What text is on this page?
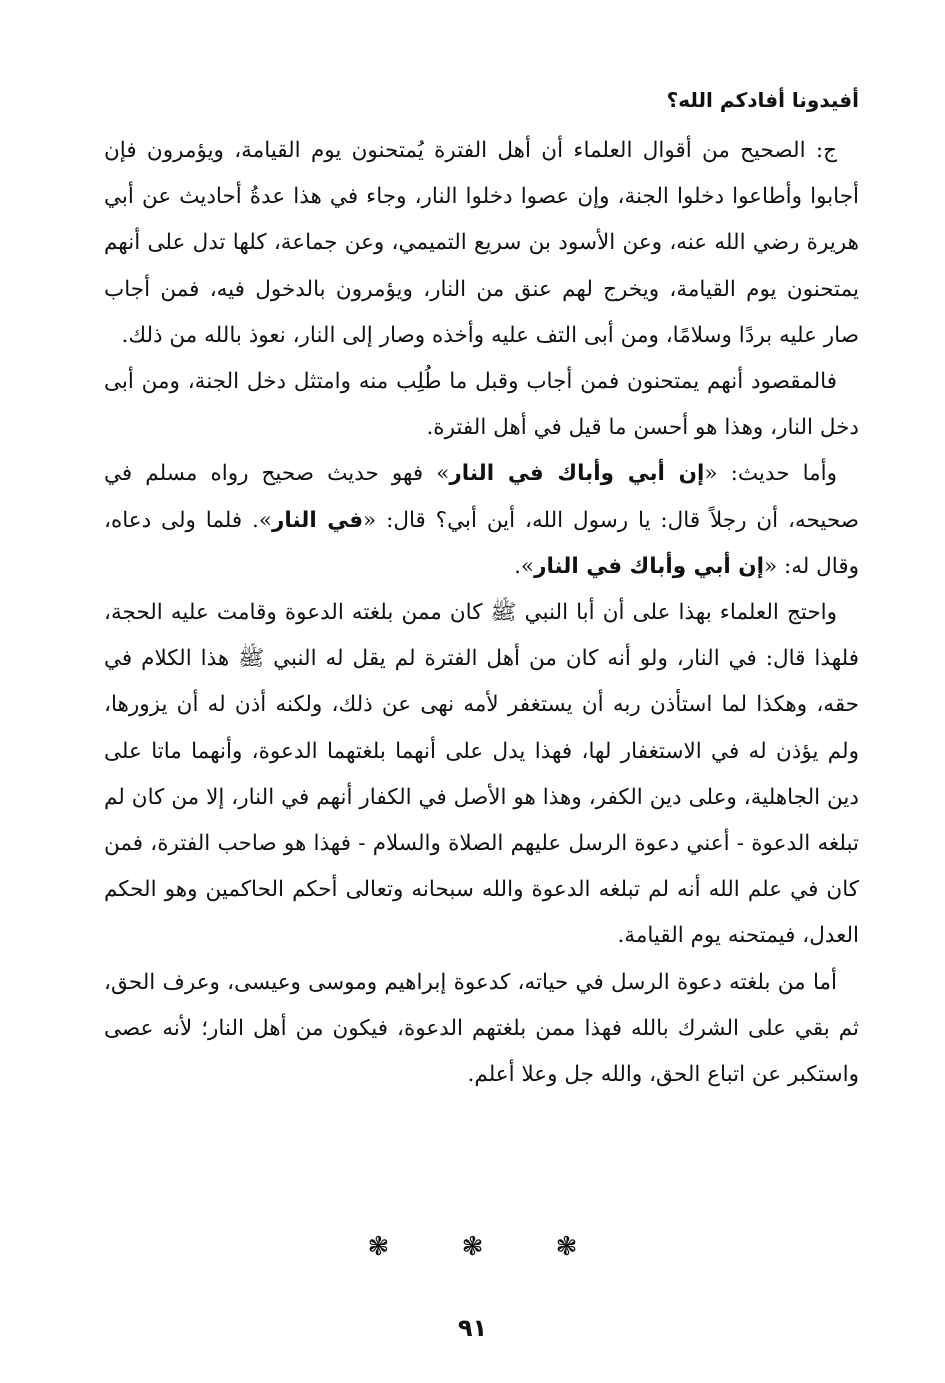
أفيدونا أفادكم الله؟

ج: الصحيح من أقوال العلماء أن أهل الفترة يُمتحنون يوم القيامة، ويؤمرون فإن أجابوا وأطاعوا دخلوا الجنة، وإن عصوا دخلوا النار، وجاء في هذا عدةُ أحاديث عن أبي هريرة رضي الله عنه، وعن الأسود بن سريع التميمي، وعن جماعة، كلها تدل على أنهم يمتحنون يوم القيامة، ويخرج لهم عنق من النار، ويؤمرون بالدخول فيه، فمن أجاب صار عليه بردًا وسلامًا، ومن أبى التف عليه وأخذه وصار إلى النار، نعوذ بالله من ذلك.

فالمقصود أنهم يمتحنون فمن أجاب وقبل ما طُلِب منه وامتثل دخل الجنة، ومن أبى دخل النار، وهذا هو أحسن ما قيل في أهل الفترة.

وأما حديث: «إن أبي وأباك في النار» فهو حديث صحيح رواه مسلم في صحيحه، أن رجلاً قال: يا رسول الله، أين أبي؟ قال: «في النار». فلما ولى دعاه، وقال له: «إن أبي وأباك في النار».

واحتج العلماء بهذا على أن أبا النبي ﷺ كان ممن بلغته الدعوة وقامت عليه الحجة، فلهذا قال: في النار، ولو أنه كان من أهل الفترة لم يقل له النبي ﷺ هذا الكلام في حقه، وهكذا لما استأذن ربه أن يستغفر لأمه نهى عن ذلك، ولكنه أذن له أن يزورها، ولم يؤذن له في الاستغفار لها، فهذا يدل على أنهما بلغتهما الدعوة، وأنهما ماتا على دين الجاهلية، وعلى دين الكفر، وهذا هو الأصل في الكفار أنهم في النار، إلا من كان لم تبلغه الدعوة - أعني دعوة الرسل عليهم الصلاة والسلام - فهذا هو صاحب الفترة، فمن كان في علم الله أنه لم تبلغه الدعوة والله سبحانه وتعالى أحكم الحاكمين وهو الحكم العدل، فيمتحنه يوم القيامة.

أما من بلغته دعوة الرسل في حياته، كدعوة إبراهيم وموسى وعيسى، وعرف الحق، ثم بقي على الشرك بالله فهذا ممن بلغتهم الدعوة، فيكون من أهل النار؛ لأنه عصى واستكبر عن اتباع الحق، والله جل وعلا أعلم.

❃ ❃ ❃
٩١
